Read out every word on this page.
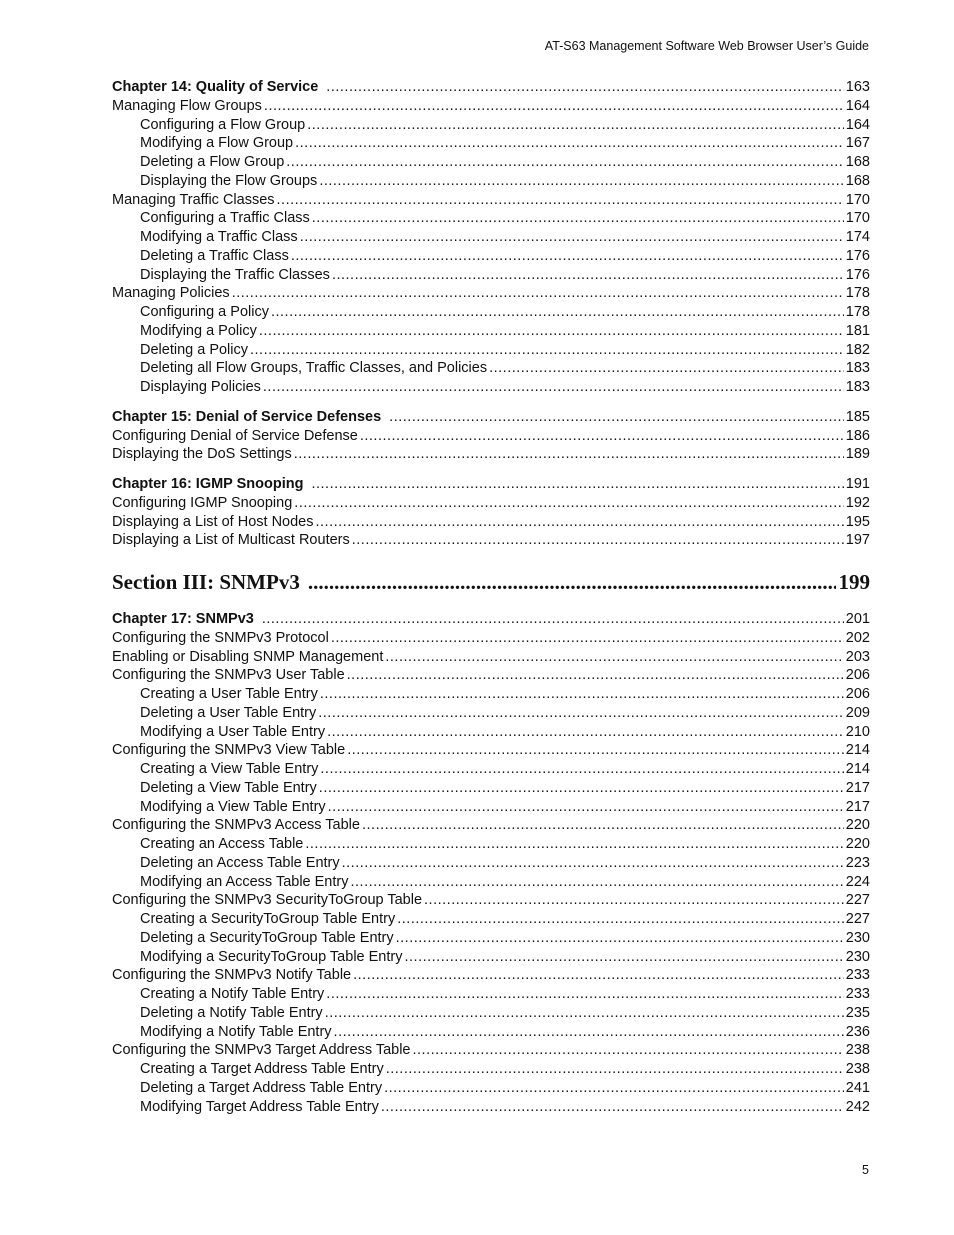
AT-S63 Management Software Web Browser User’s Guide
Chapter 14: Quality of Service .....	163
Managing Flow Groups .....	164
Configuring a Flow Group .....	164
Modifying a Flow Group .....	167
Deleting a Flow Group .....	168
Displaying the Flow Groups .....	168
Managing Traffic Classes .....	170
Configuring a Traffic Class .....	170
Modifying a Traffic Class .....	174
Deleting a Traffic Class .....	176
Displaying the Traffic Classes .....	176
Managing Policies .....	178
Configuring a Policy .....	178
Modifying a Policy .....	181
Deleting a Policy .....	182
Deleting all Flow Groups, Traffic Classes, and Policies .....	183
Displaying Policies .....	183
Chapter 15: Denial of Service Defenses .....	185
Configuring Denial of Service Defense .....	186
Displaying the DoS Settings .....	189
Chapter 16: IGMP Snooping .....	191
Configuring IGMP Snooping .....	192
Displaying a List of Host Nodes .....	195
Displaying a List of Multicast Routers .....	197
Section III: SNMPv3 .....	199
Chapter 17: SNMPv3 .....	201
Configuring the SNMPv3 Protocol .....	202
Enabling or Disabling SNMP Management .....	203
Configuring the SNMPv3 User Table .....	206
Creating a User Table Entry .....	206
Deleting a User Table Entry .....	209
Modifying a User Table Entry .....	210
Configuring the SNMPv3 View Table .....	214
Creating a View Table Entry .....	214
Deleting a View Table Entry .....	217
Modifying a View Table Entry .....	217
Configuring the SNMPv3 Access Table .....	220
Creating an Access Table .....	220
Deleting an Access Table Entry .....	223
Modifying an Access Table Entry .....	224
Configuring the SNMPv3 SecurityToGroup Table .....	227
Creating a SecurityToGroup Table Entry .....	227
Deleting a SecurityToGroup Table Entry .....	230
Modifying a SecurityToGroup Table Entry .....	230
Configuring the SNMPv3 Notify Table .....	233
Creating a Notify Table Entry .....	233
Deleting a Notify Table Entry .....	235
Modifying a Notify Table Entry .....	236
Configuring the SNMPv3 Target Address Table .....	238
Creating a Target Address Table Entry .....	238
Deleting a Target Address Table Entry .....	241
Modifying Target Address Table Entry .....	242
5
